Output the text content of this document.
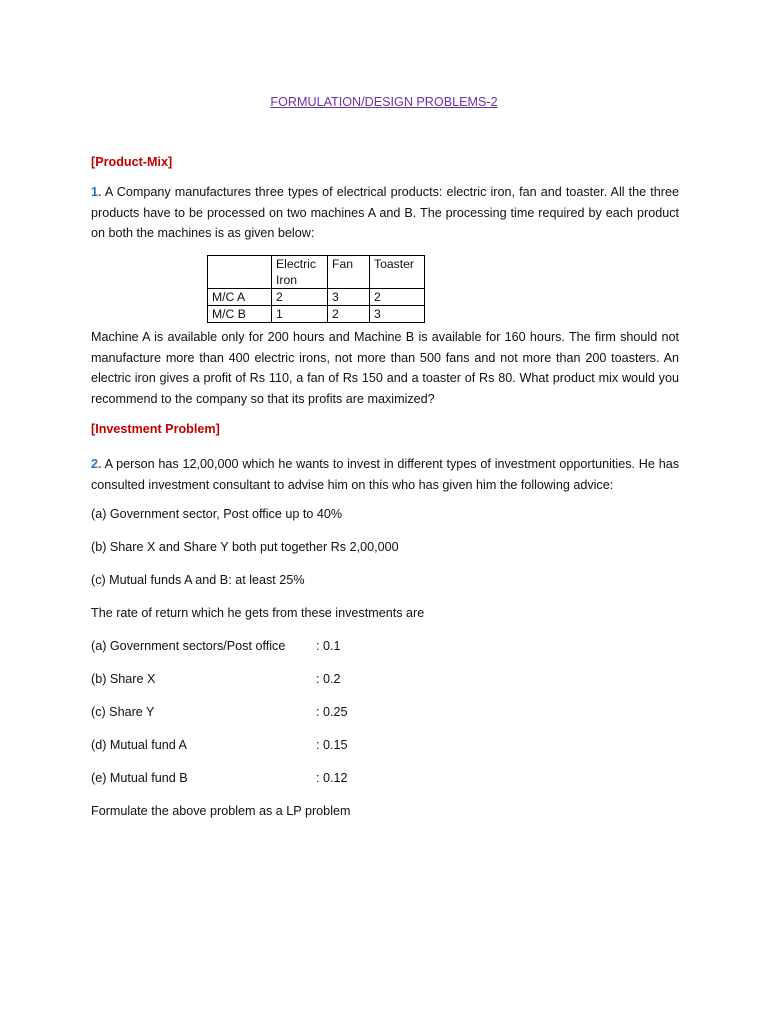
FORMULATION/DESIGN PROBLEMS-2
[Product-Mix]
1. A Company manufactures three types of electrical products: electric iron, fan and toaster. All the three products have to be processed on two machines A and B. The processing time required by each product on both the machines is as given below:
	Electric Iron	Fan	Toaster
M/C A	2	3	2
M/C B	1	2	3
Machine A is available only for 200 hours and Machine B is available for 160 hours. The firm should not manufacture more than 400 electric irons, not more than 500 fans and not more than 200 toasters. An electric iron gives a profit of Rs 110, a fan of Rs 150 and a toaster of Rs 80. What product mix would you recommend to the company so that its profits are maximized?
[Investment Problem]
2. A person has 12,00,000 which he wants to invest in different types of investment opportunities. He has consulted investment consultant to advise him on this who has given him the following advice:
(a) Government sector, Post office up to 40%
(b) Share X and Share Y both put together Rs 2,00,000
(c) Mutual funds A and B: at least 25%
The rate of return which he gets from these investments are
(a) Government sectors/Post office : 0.1
(b) Share X	: 0.2
(c) Share Y	: 0.25
(d) Mutual fund A	: 0.15
(e) Mutual fund B	: 0.12
Formulate the above problem as a LP problem
